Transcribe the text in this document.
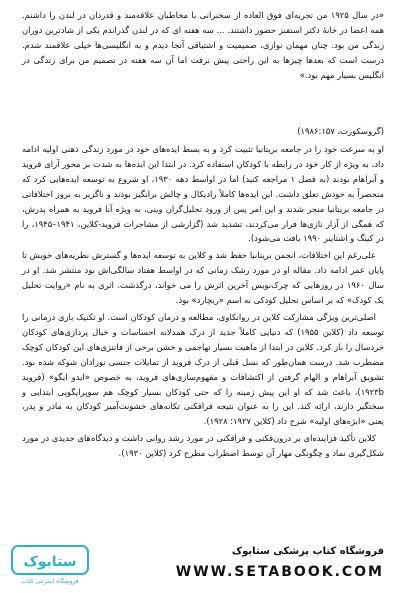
«در سال ۱۹۲۵ من تجربه‌ای فوق العاده از سخنرانی با مخاطبان علاقه‌مند و قدردان در لندن را داشتم. همه اعضا در خانهٔ دکتر استفنز حضور داشتند. ... سه هفته ای که در لندن گذراندم یکی از شادترین دوران زندگی من بود. چنان مهمان نوازی، صمیمیت و اشتیاقی آنجا دیدم و به انگلیسی‌ها خیلی علاقمند شدم. درست است که بعدها چیزها به این راحتی پیش نرفت اما آن سه هفته در تصمیم من برای زندگی در انگلیس بسیار مهم بود.»
(گروسکورت، ۱۹۸۶:۱۵۷)

او به سرعت خود را در جامعه بریتانیا تثبیت کرد و به بسط ایده‌های خود در مورد زندگی ذهنی اولیه ادامه داد، به ویژه از کار خود در رابطه با کودکان استفاده کرد. در ابتدا این ایده‌ها به شدت بر محور آرای فروید و آبراهام بودند (به فصل ۱ مراجعه کنید) اما در اواسط دهه ۱۹۳۰، او شروع به توسعه ایده‌هایی کرد که منحصراً به خودش تعلق داشت. این ایده‌ها کاملاً رادیکال و چالش برانگیز بودند و ناگزیر به بروز اختلافاتی در جامعه بریتانیا منجر شدند و این امر پس از ورود تحلیل‌گران وینی، به ویژه آنا فروید به همراه پدرش، که همگی از آزار نازی‌ها فرار می‌کردند، تشدید شد (گزارشی از مشاجرات فروید-کلاین، ۱۹۴۱–۱۹۴۵، را در کینگ و اشتاینر ۱۹۹۰ یافت می‌شود).

علی‌رغم این اختلافات، انجمن بریتانیا حفظ شد و کلاین به توسعه ایده‌ها و گسترش نظریه‌های خویش تا پایان عمر ادامه داد. مقاله او در مورد رشک زمانی که در اواسط هفتاد سالگی‌اش بود منتشر شد. او در سال ۱۹۶۰ در روزهایی که چرک‌نویس آخرین اثرش را می خواند، درگذشت. اثری به نام «روایت تحلیل یک کودک» که بر اساس تحلیل کودکی به اسم «ریچارد» بود.

اصلی‌ترین ویژگی مشارکت کلاین در روانکاوی، مطالعه و درمان کودکان است. او تکنیک بازی درمانی را توسعه داد (کلاین ۱۹۵۵) که دنیایی کاملاً جدید از درک همدلانه احساسات و خیال پردازی‌های کودکان خردسال را باز کرد. کلاین در ابتدا از ماهیت بسیار تهاجمی و خشن برخی از فانتزی‌های این کودکان کوچک مضطرب شد. درست همان‌طور که نسل قبلی از درک فروید از تمایلات جنسی نوزادان شوکه شده بود. تشویق آبراهام و الهام گرفتن از اکتشافات و مفهوم‌سازی‌های فروید، به خصوص «ایدو ایگو» (فروید ۱۹۲۳b)، باعث شد که او این پیش زمینه را که حتی کودکان بسیار کوچک هم سوپرایگویی ابتدایی و سختگیر دارند، ارائه کند. این را به عنوان نتیجه فرافکنی تکانه‌های خشونت‌آمیز کودکان به مادر و پدر، یعنی «ابژه‌های اولیه» شرح داد (کلاین ۱۹۲۷؛ ۱۹۲۸).

کلاین تأکید فزاینده‌ای بر درون‌فکنی و فرافکنی در مورد رشد روانی داشت و دیدگاه‌های جدیدی در مورد شکل‌گیری نماد و چگونگی مهار آن توسط اضطراب مطرح کرد (کلاین ۱۹۳۰).

ستابوک
فروشگاه اینترنتی کتاب
فروشگاه کتاب پزشکی ستابوک
WWW.SETABOOK.COM
